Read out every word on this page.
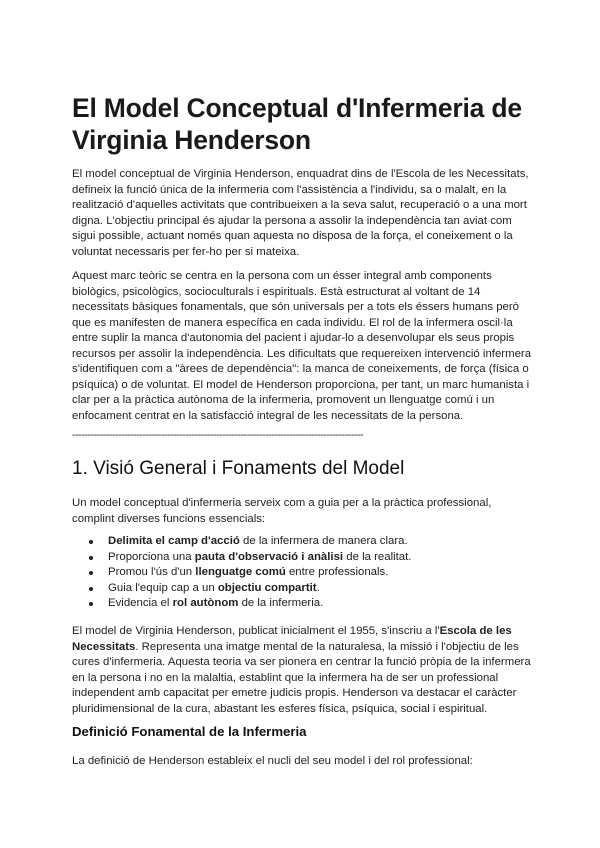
El Model Conceptual d'Infermeria de Virginia Henderson

El model conceptual de Virginia Henderson, enquadrat dins de l'Escola de les Necessitats, defineix la funció única de la infermeria com l'assistència a l'individu, sa o malalt, en la realització d'aquelles activitats que contribueixen a la seva salut, recuperació o a una mort digna. L'objectiu principal és ajudar la persona a assolir la independència tan aviat com sigui possible, actuant només quan aquesta no disposa de la força, el coneixement o la voluntat necessaris per fer-ho per si mateixa.

Aquest marc teòric se centra en la persona com un ésser integral amb components biològics, psicològics, socioculturals i espirituals. Està estructurat al voltant de 14 necessitats bàsiques fonamentals, que són universals per a tots els éssers humans però que es manifesten de manera específica en cada individu. El rol de la infermera oscil·la entre suplir la manca d'autonomia del pacient i ajudar-lo a desenvolupar els seus propis recursos per assolir la independència. Les dificultats que requereixen intervenció infermera s'identifiquen com a "àrees de dependència": la manca de coneixements, de força (física o psíquica) o de voluntat. El model de Henderson proporciona, per tant, un marc humanista i clar per a la pràctica autònoma de la infermeria, promovent un llenguatge comú i un enfocament centrat en la satisfacció integral de les necessitats de la persona.

-----------------------------------------------------------------------------------------------

1. Visió General i Fonaments del Model

Un model conceptual d'infermeria serveix com a guia per a la pràctica professional, complint diverses funcions essencials:

Delimita el camp d'acció de la infermera de manera clara.
Proporciona una pauta d'observació i anàlisi de la realitat.
Promou l'ús d'un llenguatge comú entre professionals.
Guia l'equip cap a un objectiu compartit.
Evidencia el rol autònom de la infermeria.

El model de Virginia Henderson, publicat inicialment el 1955, s'inscriu a l'Escola de les Necessitats. Representa una imatge mental de la naturalesa, la missió i l'objectiu de les cures d'infermeria. Aquesta teoria va ser pionera en centrar la funció pròpia de la infermera en la persona i no en la malaltia, establint que la infermera ha de ser un professional independent amb capacitat per emetre judicis propis. Henderson va destacar el caràcter pluridimensional de la cura, abastant les esferes física, psíquica, social i espiritual.

Definició Fonamental de la Infermeria

La definició de Henderson estableix el nucli del seu model i del rol professional:
